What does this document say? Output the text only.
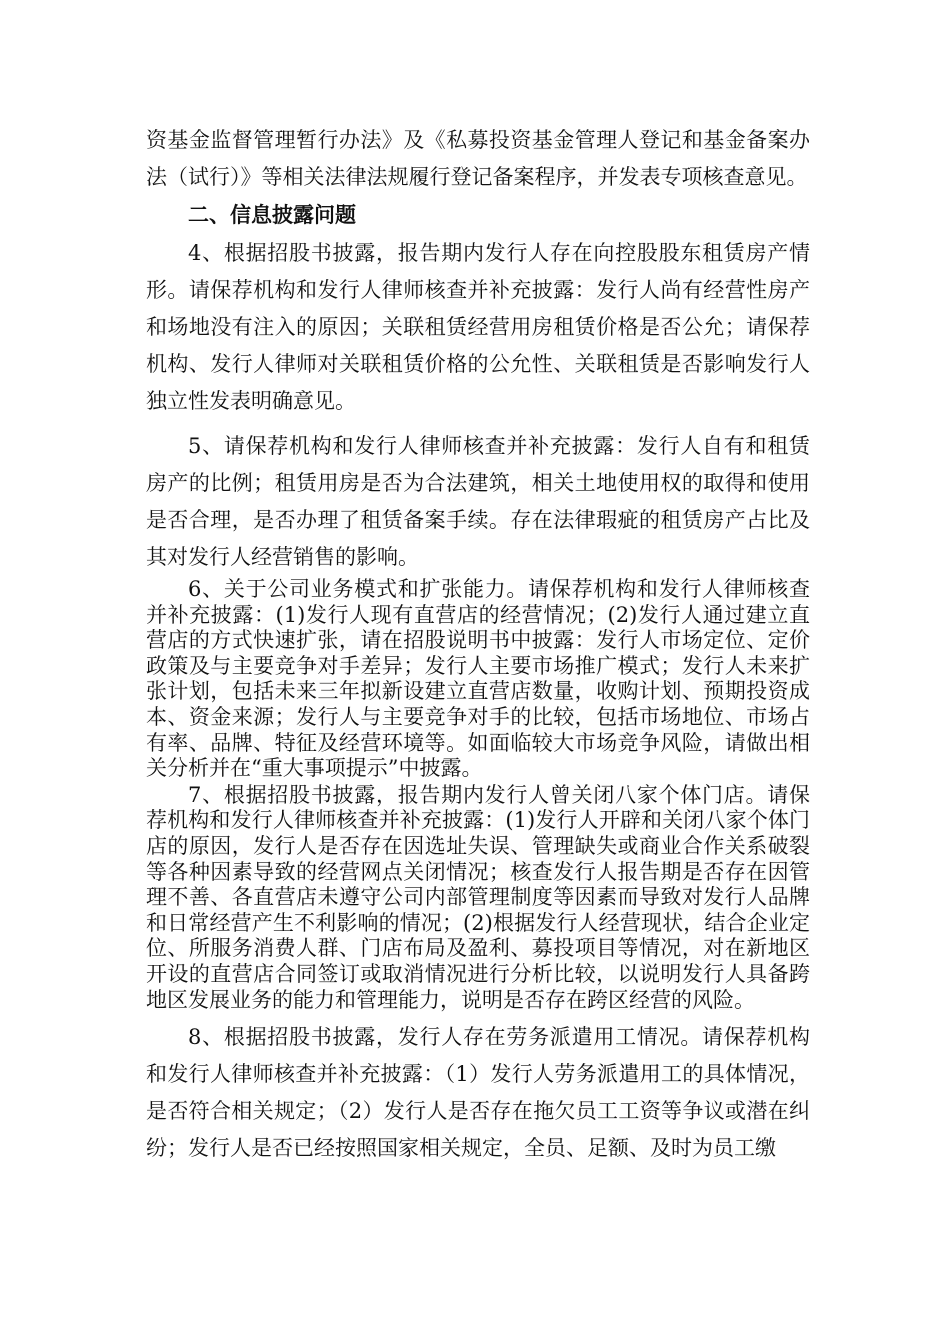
资基金监督管理暂行办法》及《私募投资基金管理人登记和基金备案办法（试行）》等相关法律法规履行登记备案程序，并发表专项核查意见。

二、信息披露问题

4、根据招股书披露，报告期内发行人存在向控股股东租赁房产情形。请保荐机构和发行人律师核查并补充披露：发行人尚有经营性房产和场地没有注入的原因；关联租赁经营用房租赁价格是否公允；请保荐机构、发行人律师对关联租赁价格的公允性、关联租赁是否影响发行人独立性发表明确意见。

5、请保荐机构和发行人律师核查并补充披露：发行人自有和租赁房产的比例；租赁用房是否为合法建筑，相关土地使用权的取得和使用是否合理，是否办理了租赁备案手续。存在法律瑕疵的租赁房产占比及其对发行人经营销售的影响。

6、关于公司业务模式和扩张能力。请保荐机构和发行人律师核查并补充披露：(1)发行人现有直营店的经营情况；(2)发行人通过建立直营店的方式快速扩张，请在招股说明书中披露：发行人市场定位、定价政策及与主要竞争对手差异；发行人主要市场推广模式；发行人未来扩张计划，包括未来三年拟新设建立直营店数量，收购计划、预期投资成本、资金来源；发行人与主要竞争对手的比较，包括市场地位、市场占有率、品牌、特征及经营环境等。如面临较大市场竞争风险，请做出相关分析并在“重大事项提示”中披露。

7、根据招股书披露，报告期内发行人曾关闭八家个体门店。请保荐机构和发行人律师核查并补充披露：(1)发行人开辟和关闭八家个体门店的原因，发行人是否存在因选址失误、管理缺失或商业合作关系破裂等各种因素导致的经营网点关闭情况；核查发行人报告期是否存在因管理不善、各直营店未遵守公司内部管理制度等因素而导致对发行人品牌和日常经营产生不利影响的情况；(2)根据发行人经营现状，结合企业定位、所服务消费人群、门店布局及盈利、募投项目等情况，对在新地区开设的直营店合同签订或取消情况进行分析比较，以说明发行人具备跨地区发展业务的能力和管理能力，说明是否存在跨区经营的风险。

8、根据招股书披露，发行人存在劳务派遣用工情况。请保荐机构和发行人律师核查并补充披露：（1）发行人劳务派遣用工的具体情况，是否符合相关规定；（2）发行人是否存在拖欠员工工资等争议或潜在纠纷；发行人是否已经按照国家相关规定，全员、足额、及时为员工缴
